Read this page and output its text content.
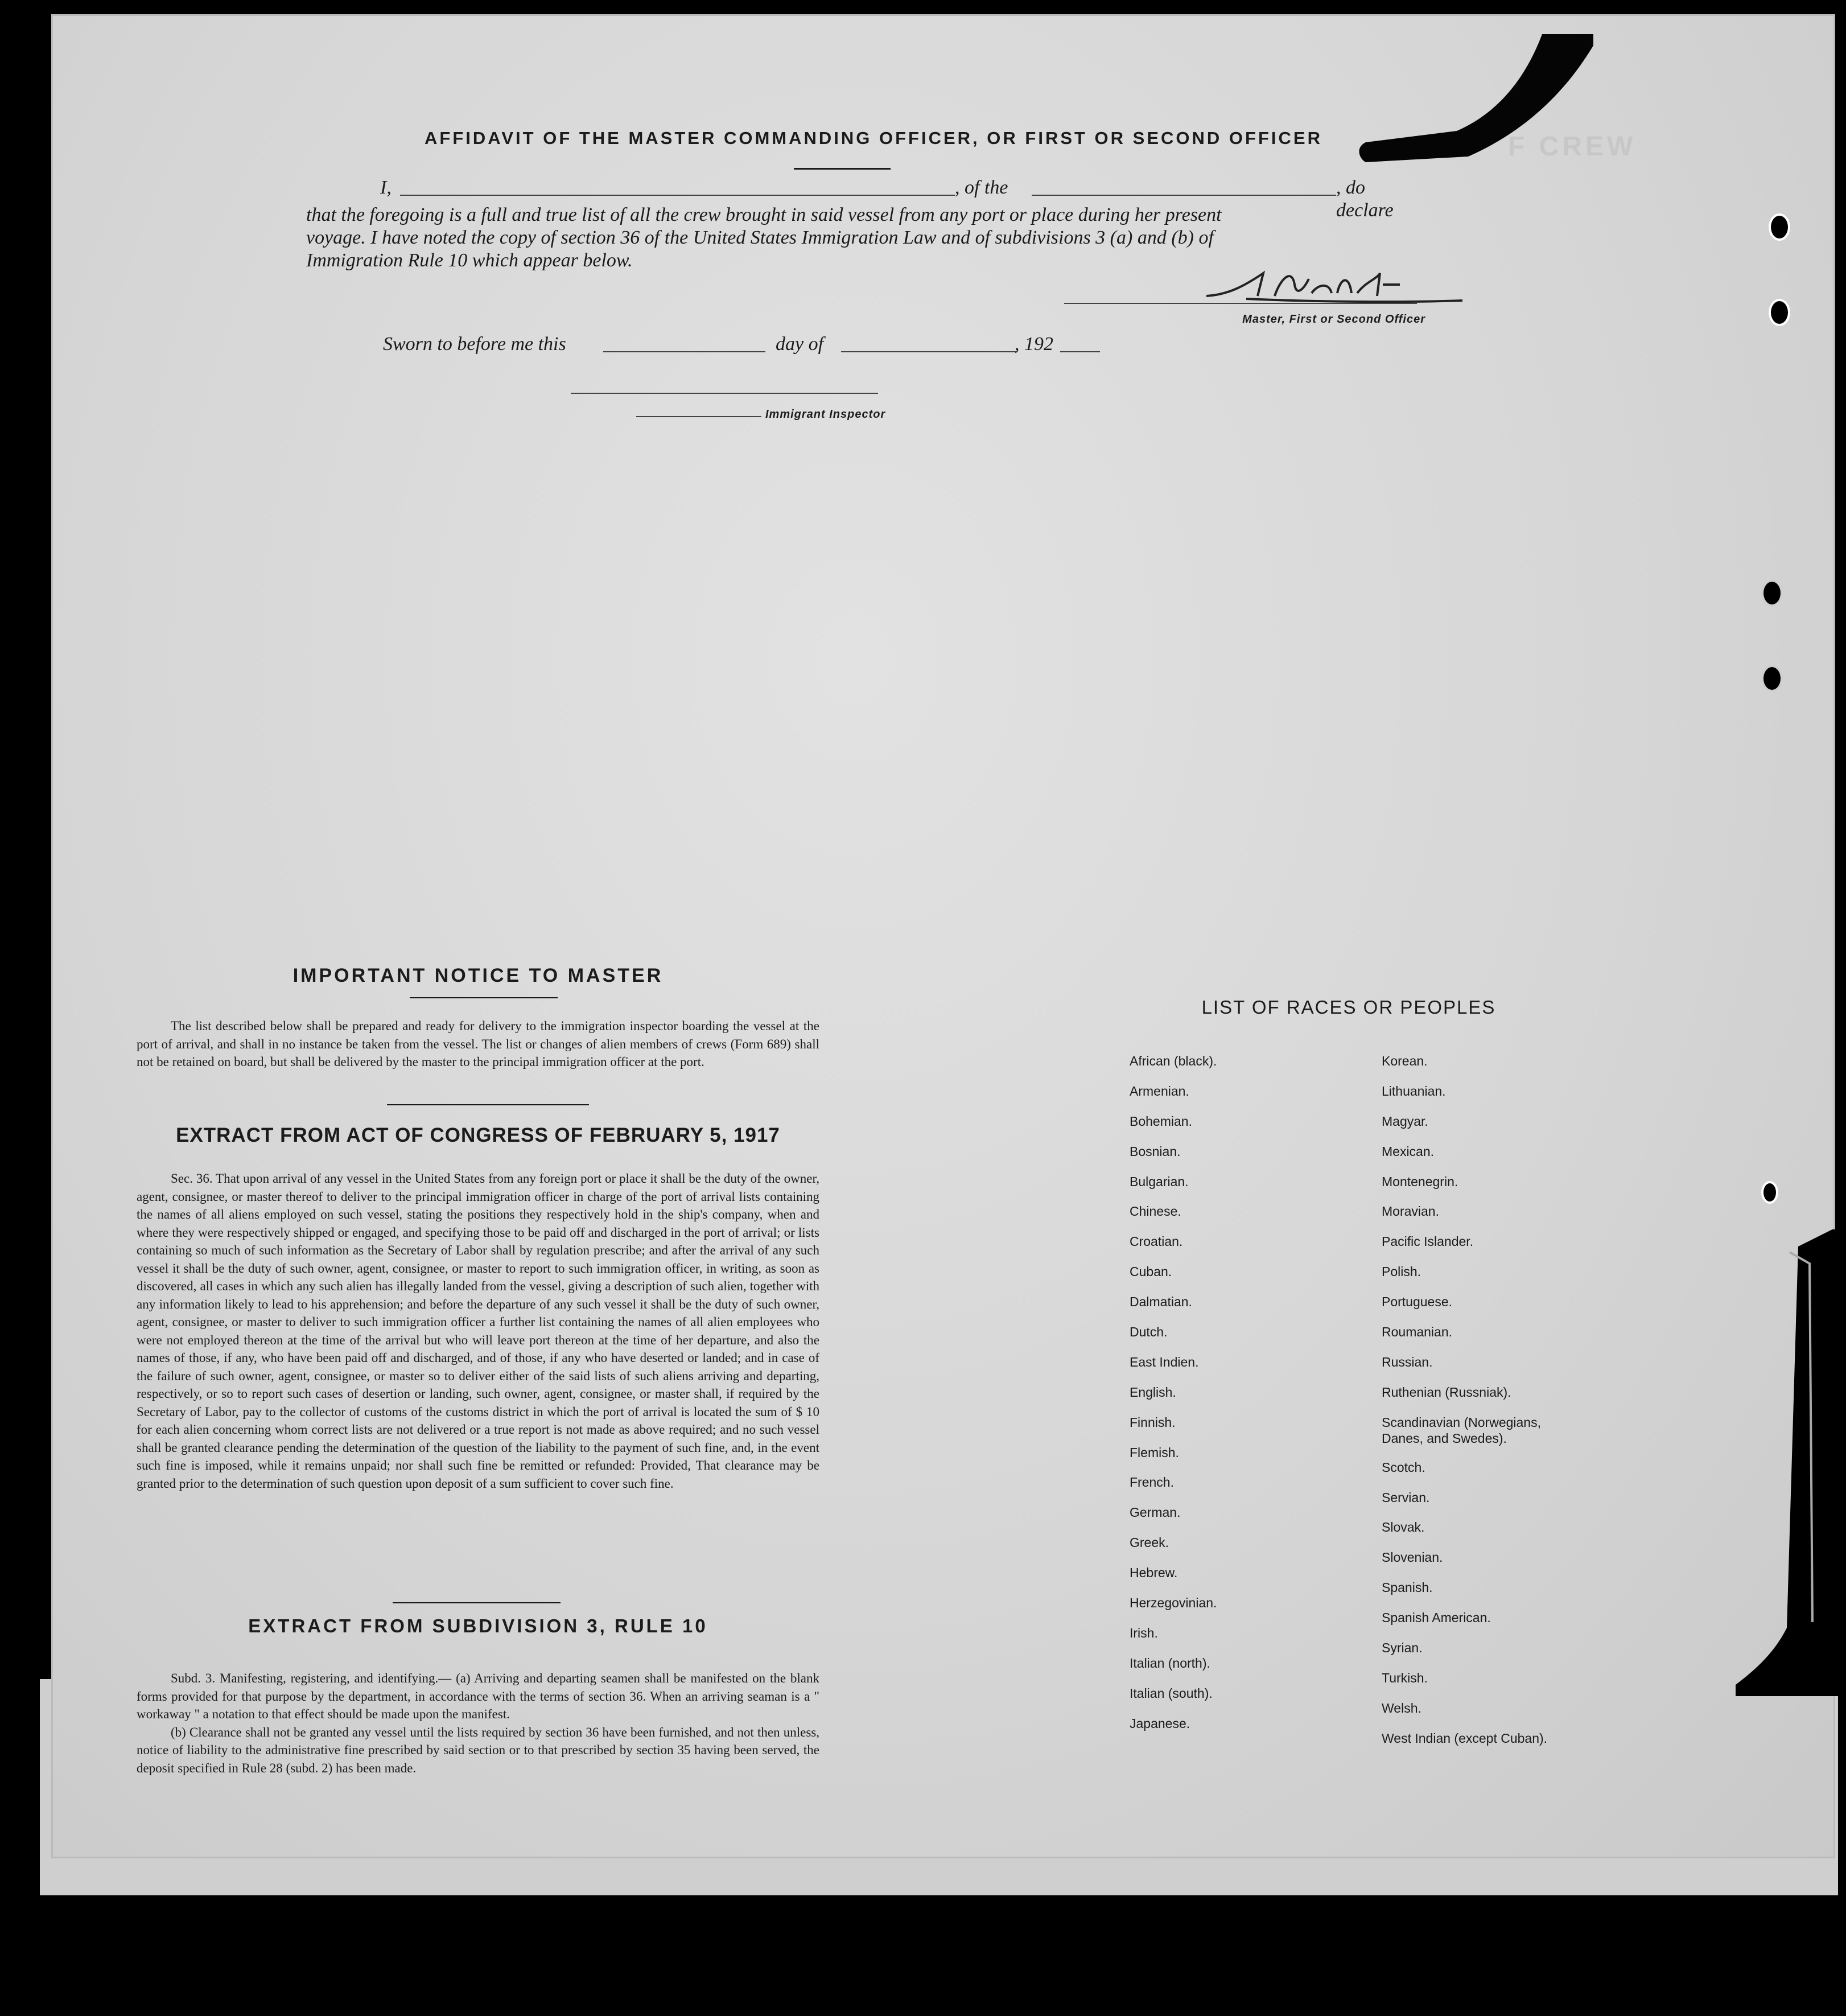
F CREW
AFFIDAVIT OF THE MASTER COMMANDING OFFICER, OR FIRST OR SECOND OFFICER
I,	, of the	, do declare
that the foregoing is a full and true list of all the crew brought in said vessel from any port or place during her present
voyage. I have noted the copy of section 36 of the United States Immigration Law and of subdivisions 3 (a) and (b) of
Immigration Rule 10 which appear below.
Master, First or Second Officer
Sworn to before me this	day of	, 192
Immigrant Inspector
IMPORTANT NOTICE TO MASTER

The list described below shall be prepared and ready for delivery to the immigration inspector boarding the vessel at the port of arrival, and shall in no instance be taken from the vessel. The list or changes of alien members of crews (Form 689) shall not be retained on board, but shall be delivered by the master to the principal immigration officer at the port.

EXTRACT FROM ACT OF CONGRESS OF FEBRUARY 5, 1917

Sec. 36. That upon arrival of any vessel in the United States from any foreign port or place it shall be the duty of the owner, agent, consignee, or master thereof to deliver to the principal immigration officer in charge of the port of arrival lists containing the names of all aliens employed on such vessel, stating the positions they respectively hold in the ship's company, when and where they were respectively shipped or engaged, and specifying those to be paid off and discharged in the port of arrival; or lists containing so much of such information as the Secretary of Labor shall by regulation prescribe; and after the arrival of any such vessel it shall be the duty of such owner, agent, consignee, or master to report to such immigration officer, in writing, as soon as discovered, all cases in which any such alien has illegally landed from the vessel, giving a description of such alien, together with any information likely to lead to his apprehension; and before the departure of any such vessel it shall be the duty of such owner, agent, consignee, or master to deliver to such immigration officer a further list containing the names of all alien employees who were not employed thereon at the time of the arrival but who will leave port thereon at the time of her departure, and also the names of those, if any, who have been paid off and discharged, and of those, if any who have deserted or landed; and in case of the failure of such owner, agent, consignee, or master so to deliver either of the said lists of such aliens arriving and departing, respectively, or so to report such cases of desertion or landing, such owner, agent, consignee, or master shall, if required by the Secretary of Labor, pay to the collector of customs of the customs district in which the port of arrival is located the sum of $ 10 for each alien concerning whom correct lists are not delivered or a true report is not made as above required; and no such vessel shall be granted clearance pending the determination of the question of the liability to the payment of such fine, and, in the event such fine is imposed, while it remains unpaid; nor shall such fine be remitted or refunded: Provided, That clearance may be granted prior to the determination of such question upon deposit of a sum sufficient to cover such fine.

EXTRACT FROM SUBDIVISION 3, RULE 10

Subd. 3. Manifesting, registering, and identifying.— (a) Arriving and departing seamen shall be manifested on the blank forms provided for that purpose by the department, in accordance with the terms of section 36. When an arriving seaman is a " workaway " a notation to that effect should be made upon the manifest.

(b) Clearance shall not be granted any vessel until the lists required by section 36 have been furnished, and not then unless, notice of liability to the administrative fine prescribed by said section or to that prescribed by section 35 having been served, the deposit specified in Rule 28 (subd. 2) has been made.

LIST OF RACES OR PEOPLES
African (black).
Armenian.
Bohemian.
Bosnian.
Bulgarian.
Chinese.
Croatian.
Cuban.
Dalmatian.
Dutch.
East Indien.
English.
Finnish.
Flemish.
French.
German.
Greek.
Hebrew.
Herzegovinian.
Irish.
Italian (north).
Italian (south).
Japanese.
Korean.
Lithuanian.
Magyar.
Mexican.
Montenegrin.
Moravian.
Pacific Islander.
Polish.
Portuguese.
Roumanian.
Russian.
Ruthenian (Russniak).
Scandinavian (Norwegians, Danes, and Swedes).
Scotch.
Servian.
Slovak.
Slovenian.
Spanish.
Spanish American.
Syrian.
Turkish.
Welsh.
West Indian (except Cuban).
